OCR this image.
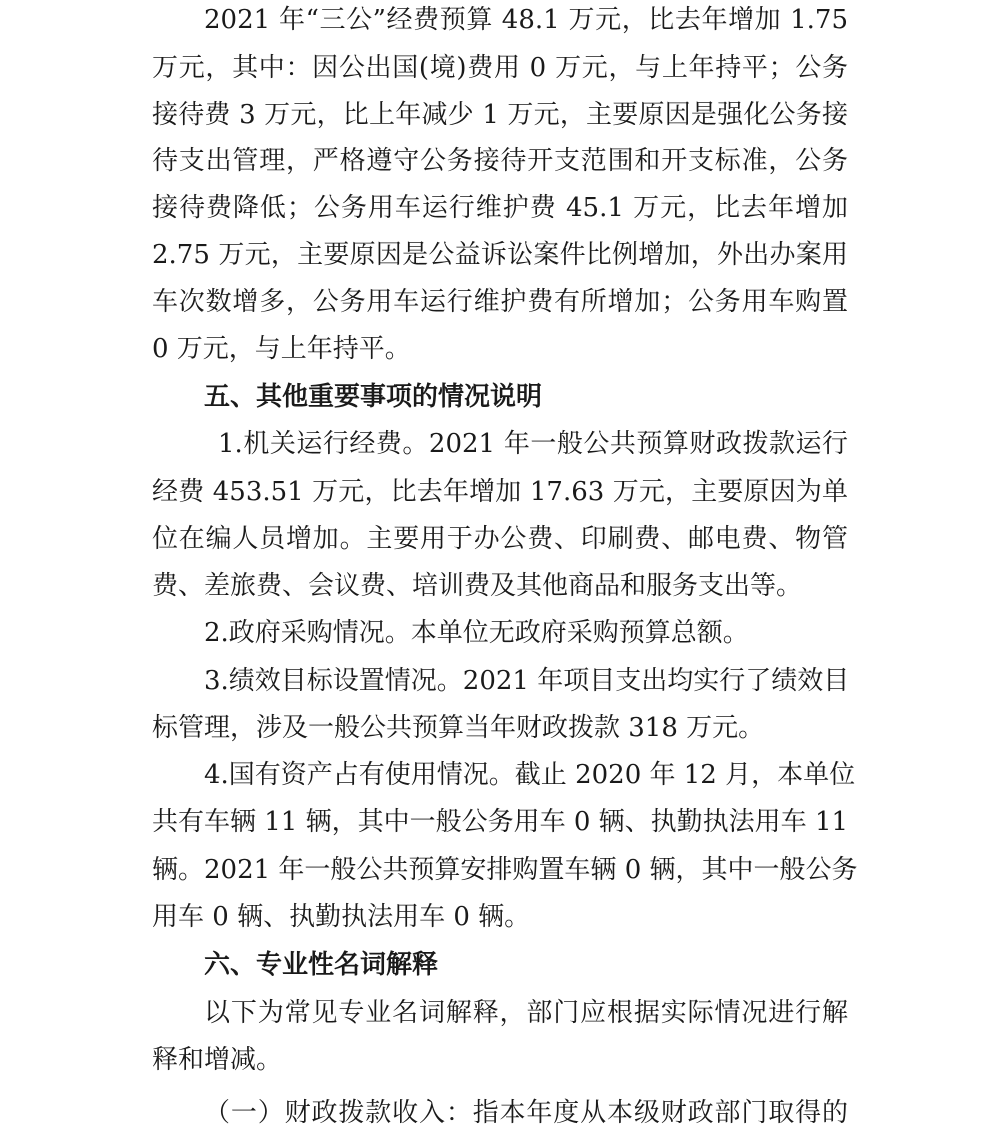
2021 年“三公”经费预算 48.1 万元，比去年增加 1.75
万元，其中：因公出国(境)费用 0 万元，与上年持平；公务
接待费 3 万元，比上年减少 1 万元，主要原因是强化公务接
待支出管理，严格遵守公务接待开支范围和开支标准，公务
接待费降低；公务用车运行维护费 45.1 万元，比去年增加
2.75 万元，主要原因是公益诉讼案件比例增加，外出办案用
车次数增多，公务用车运行维护费有所增加；公务用车购置
0 万元，与上年持平。
五、其他重要事项的情况说明
1.机关运行经费。2021 年一般公共预算财政拨款运行
经费 453.51 万元，比去年增加 17.63 万元，主要原因为单
位在编人员增加。主要用于办公费、印刷费、邮电费、物管
费、差旅费、会议费、培训费及其他商品和服务支出等。
2.政府采购情况。本单位无政府采购预算总额。
3.绩效目标设置情况。2021 年项目支出均实行了绩效目
标管理，涉及一般公共预算当年财政拨款 318 万元。
4.国有资产占有使用情况。截止 2020 年 12 月，本单位
共有车辆 11 辆，其中一般公务用车 0 辆、执勤执法用车 11
辆。2021 年一般公共预算安排购置车辆 0 辆，其中一般公务
用车 0 辆、执勤执法用车 0 辆。
六、专业性名词解释
以下为常见专业名词解释，部门应根据实际情况进行解
释和增减。
（一）财政拨款收入：指本年度从本级财政部门取得的
